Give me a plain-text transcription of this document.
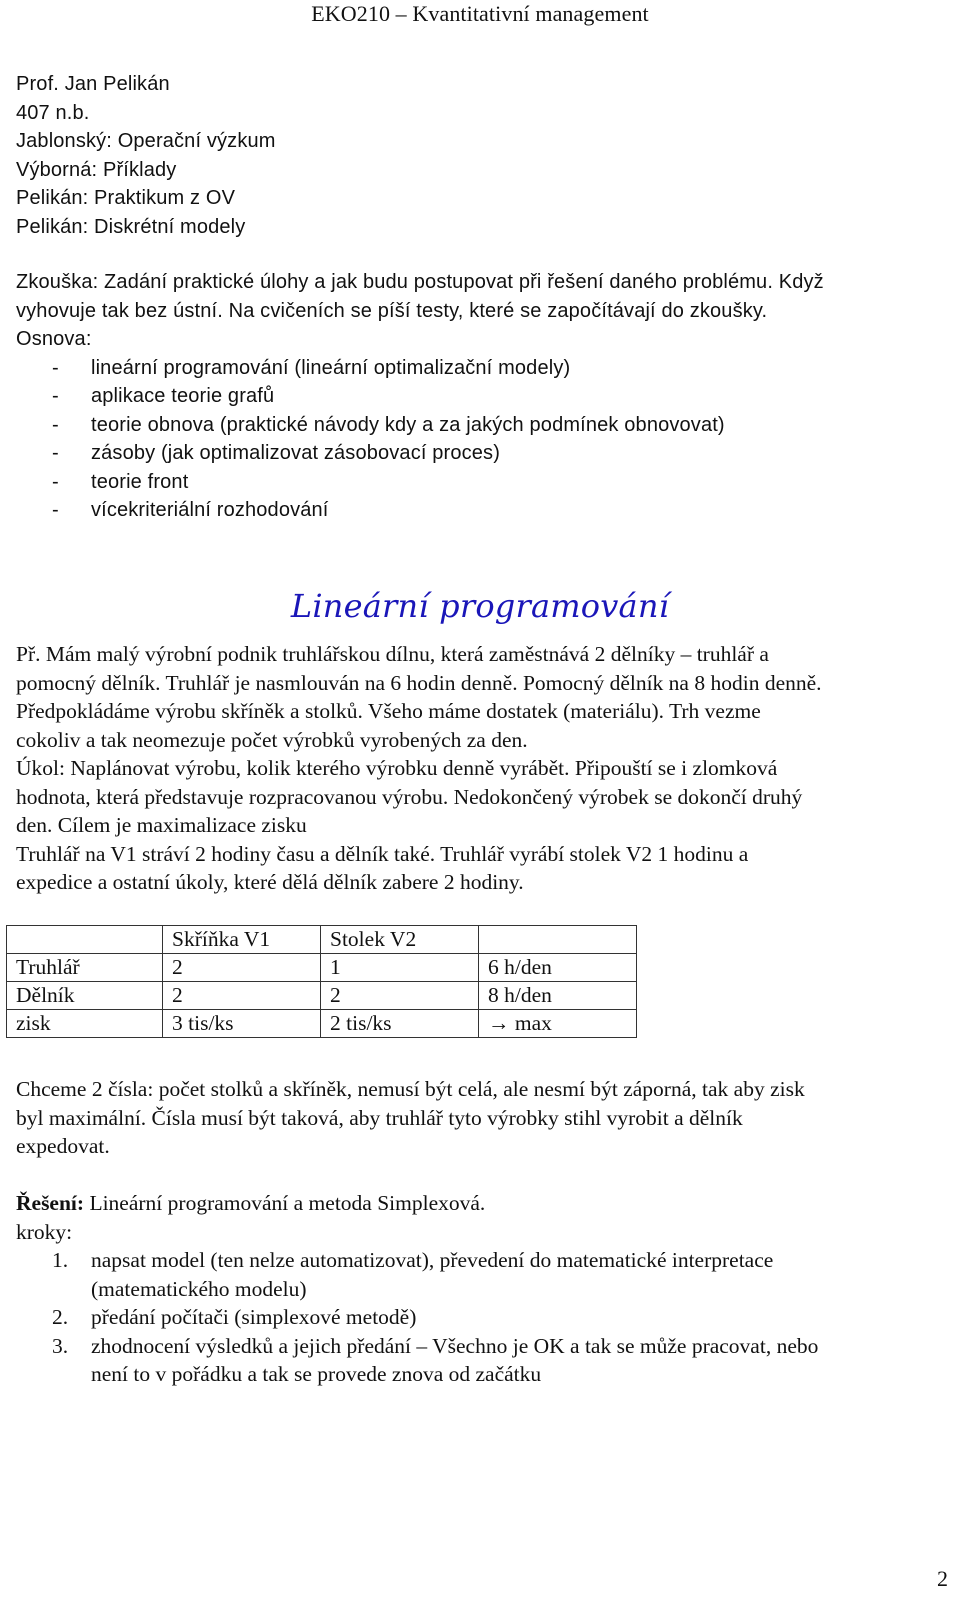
EKO210 – Kvantitativní management
Prof. Jan Pelikán
407 n.b.
Jablonský: Operační výzkum
Výborná: Příklady
Pelikán: Praktikum z OV
Pelikán: Diskrétní modely
Zkouška: Zadání praktické úlohy a jak budu postupovat při řešení daného problému. Když
vyhovuje tak bez ústní. Na cvičeních se píší testy, které se započítávají do zkoušky.
Osnova:
- lineární programování (lineární optimalizační modely)
- aplikace teorie grafů
- teorie obnova (praktické návody kdy a za jakých podmínek obnovovat)
- zásoby (jak optimalizovat zásobovací proces)
- teorie front
- vícekriteriální rozhodování
Lineární programování
Př. Mám malý výrobní podnik truhlářskou dílnu, která zaměstnává 2 dělníky – truhlář a
pomocný dělník. Truhlář je nasmlouván na 6 hodin denně. Pomocný dělník na 8 hodin denně.
Předpokládáme výrobu skříněk a stolků. Všeho máme dostatek (materiálu). Trh vezme
cokoliv a tak neomezuje počet výrobků vyrobených za den.
Úkol: Naplánovat výrobu, kolik kterého výrobku denně vyrábět. Připouští se i zlomková
hodnota, která představuje rozpracovanou výrobu. Nedokončený výrobek se dokončí druhý
den. Cílem je maximalizace zisku
Truhlář na V1 stráví 2 hodiny času a dělník také. Truhlář vyrábí stolek V2 1 hodinu a
expedice a ostatní úkoly, které dělá dělník zabere 2 hodiny.
	Skříňka V1	Stolek V2	
Truhlář	2	1	6 h/den
Dělník	2	2	8 h/den
zisk	3 tis/ks	2 tis/ks	→ max
Chceme 2 čísla: počet stolků a skříněk, nemusí být celá, ale nesmí být záporná, tak aby zisk
byl maximální. Čísla musí být taková, aby truhlář tyto výrobky stihl vyrobit a dělník
expedovat.
Řešení: Lineární programování a metoda Simplexová.
kroky:
1. napsat model (ten nelze automatizovat), převedení do matematické interpretace
(matematického modelu)
2. předání počítači (simplexové metodě)
3. zhodnocení výsledků a jejich předání – Všechno je OK a tak se může pracovat, nebo
není to v pořádku a tak se provede znova od začátku
2
